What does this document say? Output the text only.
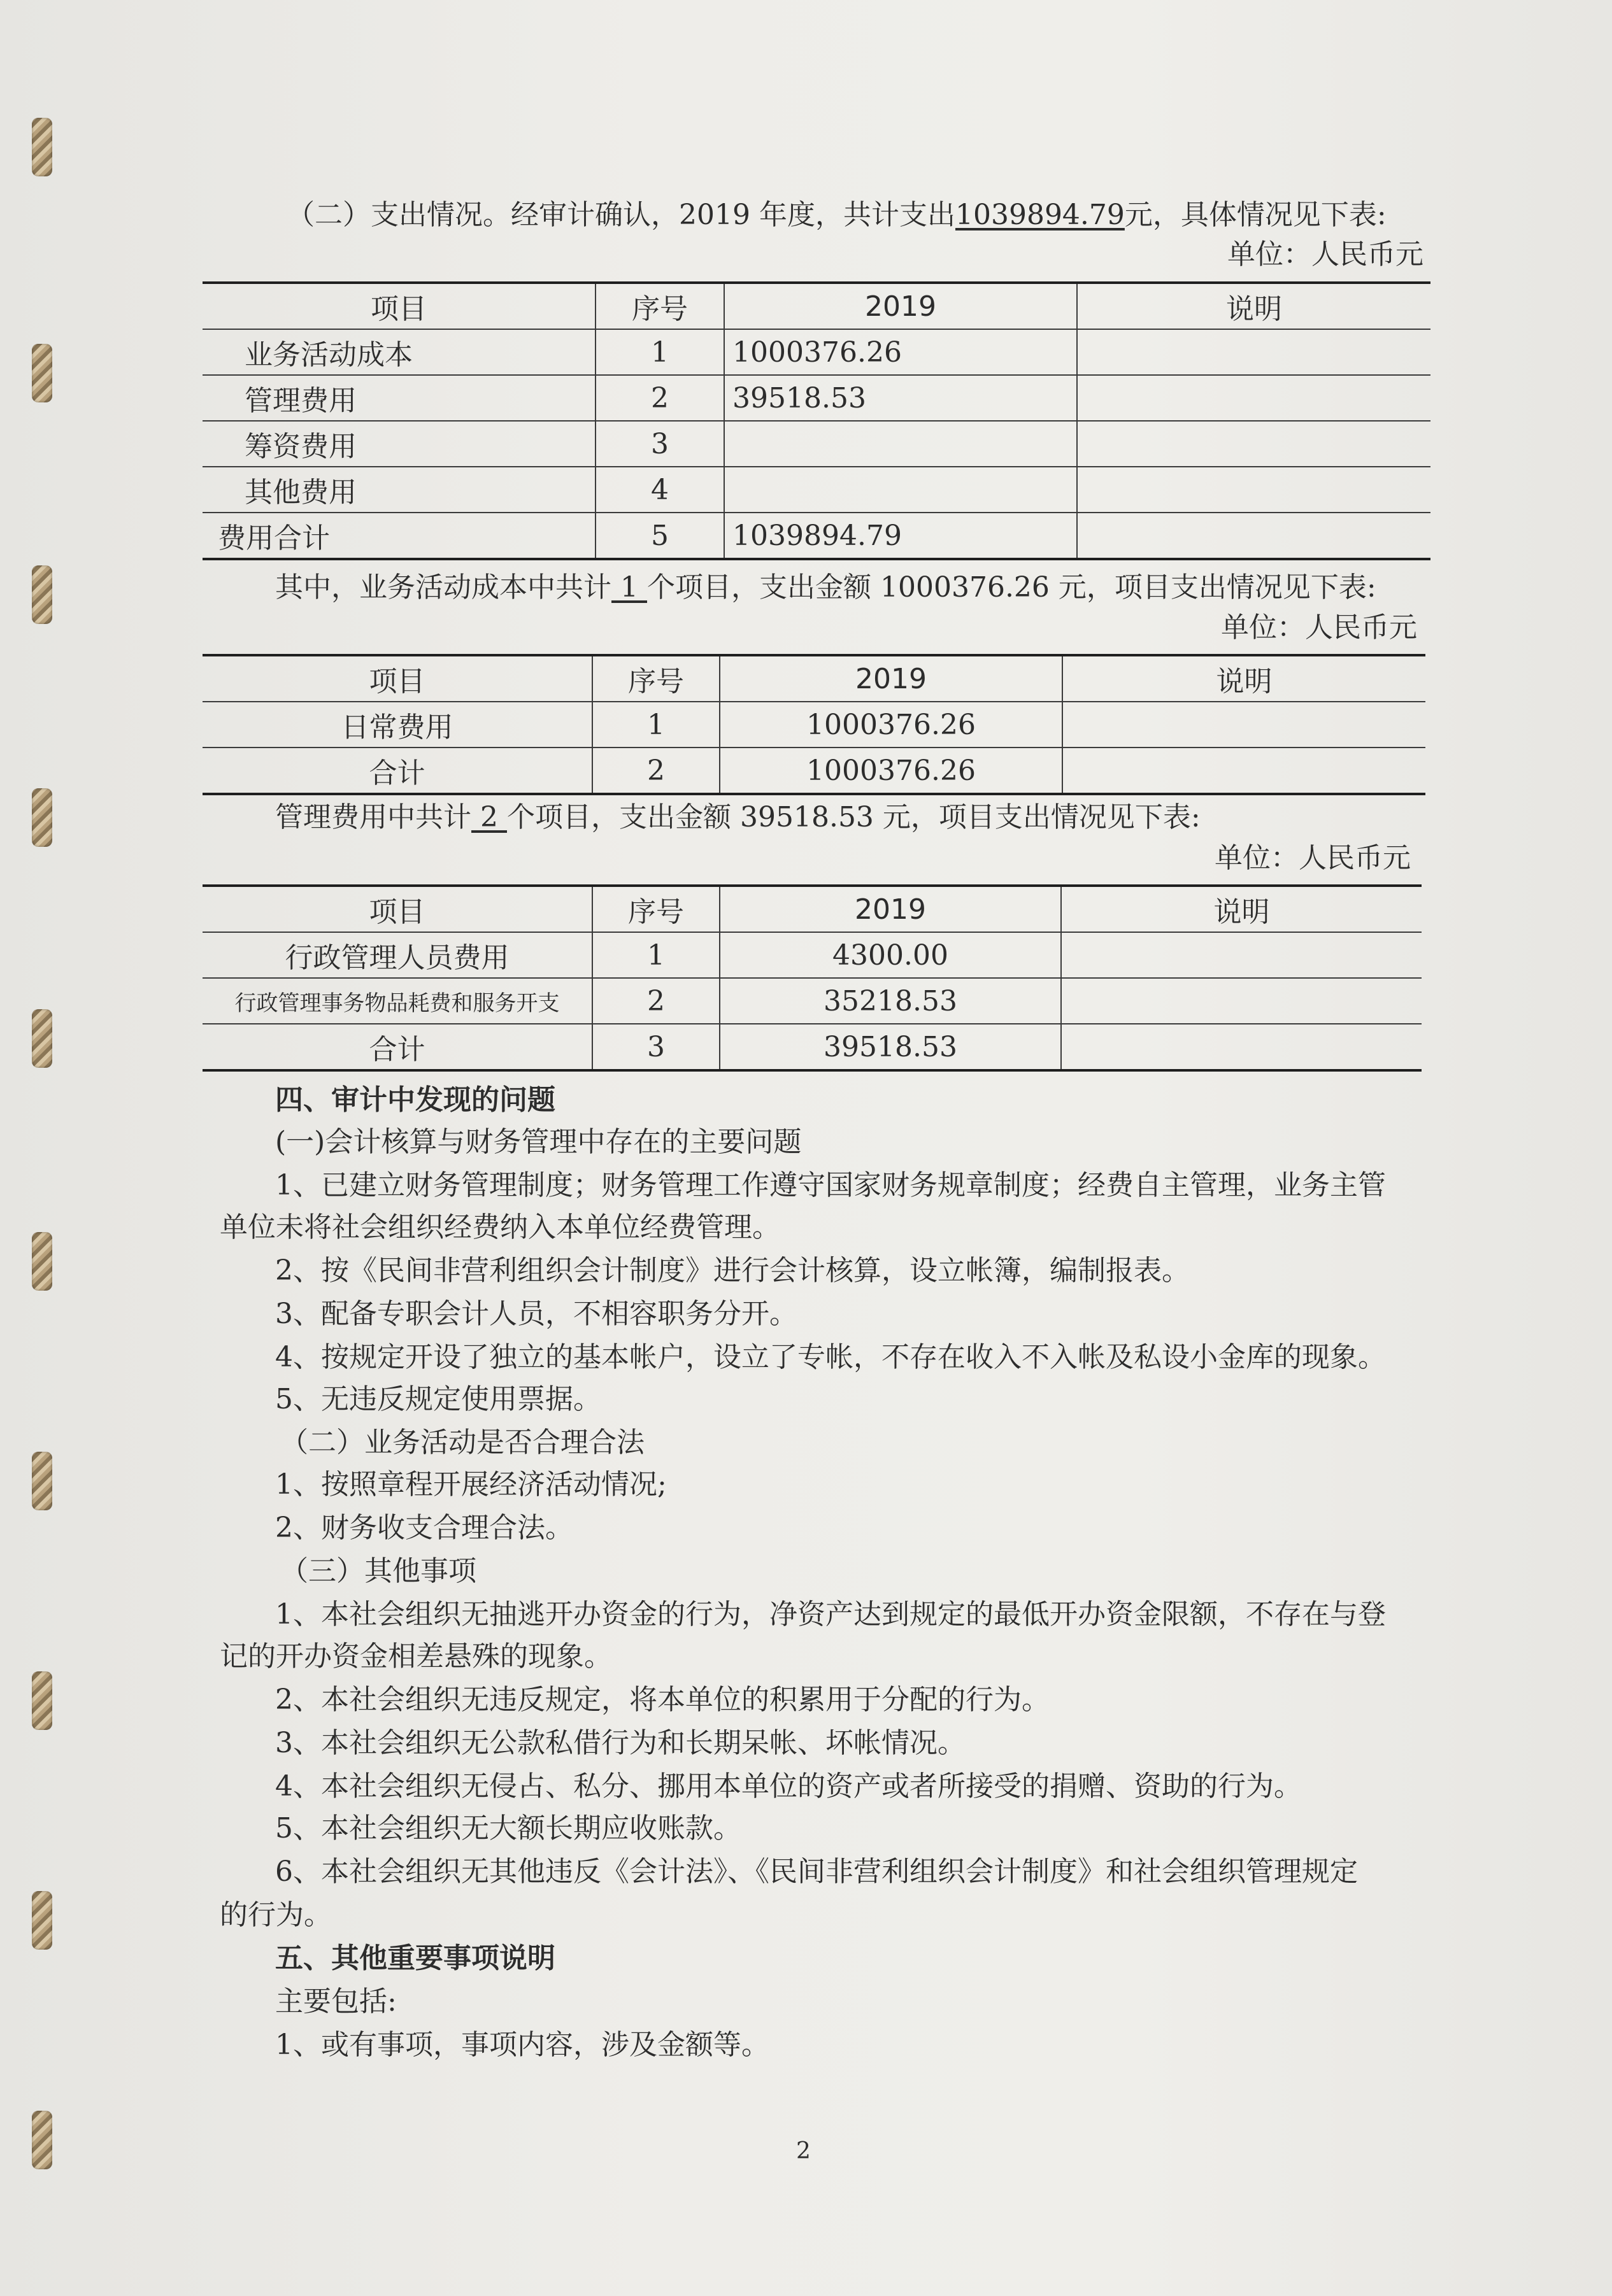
（二）支出情况。经审计确认，2019 年度，共计支出1039894.79元，具体情况见下表:
单位：人民币元
项目	序号	2019	说明
业务活动成本	1	1000376.26	
管理费用	2	39518.53	
筹资费用	3		
其他费用	4		
费用合计	5	1039894.79	
其中，业务活动成本中共计 1 个项目，支出金额 1000376.26 元，项目支出情况见下表:
单位：人民币元
项目	序号	2019	说明
日常费用	1	1000376.26	
合计	2	1000376.26	
管理费用中共计 2 个项目，支出金额 39518.53 元，项目支出情况见下表:
单位：人民币元
项目	序号	2019	说明
行政管理人员费用	1	4300.00	
行政管理事务物品耗费和服务开支	2	35218.53	
合计	3	39518.53	
四、审计中发现的问题
(一)会计核算与财务管理中存在的主要问题
1、已建立财务管理制度；财务管理工作遵守国家财务规章制度；经费自主管理，业务主管
单位未将社会组织经费纳入本单位经费管理。
2、按《民间非营利组织会计制度》进行会计核算，设立帐簿，编制报表。
3、配备专职会计人员，不相容职务分开。
4、按规定开设了独立的基本帐户，设立了专帐，不存在收入不入帐及私设小金库的现象。
5、无违反规定使用票据。
（二）业务活动是否合理合法
1、按照章程开展经济活动情况;
2、财务收支合理合法。
（三）其他事项
1、本社会组织无抽逃开办资金的行为，净资产达到规定的最低开办资金限额，不存在与登
记的开办资金相差悬殊的现象。
2、本社会组织无违反规定，将本单位的积累用于分配的行为。
3、本社会组织无公款私借行为和长期呆帐、坏帐情况。
4、本社会组织无侵占、私分、挪用本单位的资产或者所接受的捐赠、资助的行为。
5、本社会组织无大额长期应收账款。
6、本社会组织无其他违反《会计法》、《民间非营利组织会计制度》和社会组织管理规定
的行为。
五、其他重要事项说明
主要包括:
1、或有事项，事项内容，涉及金额等。
2
